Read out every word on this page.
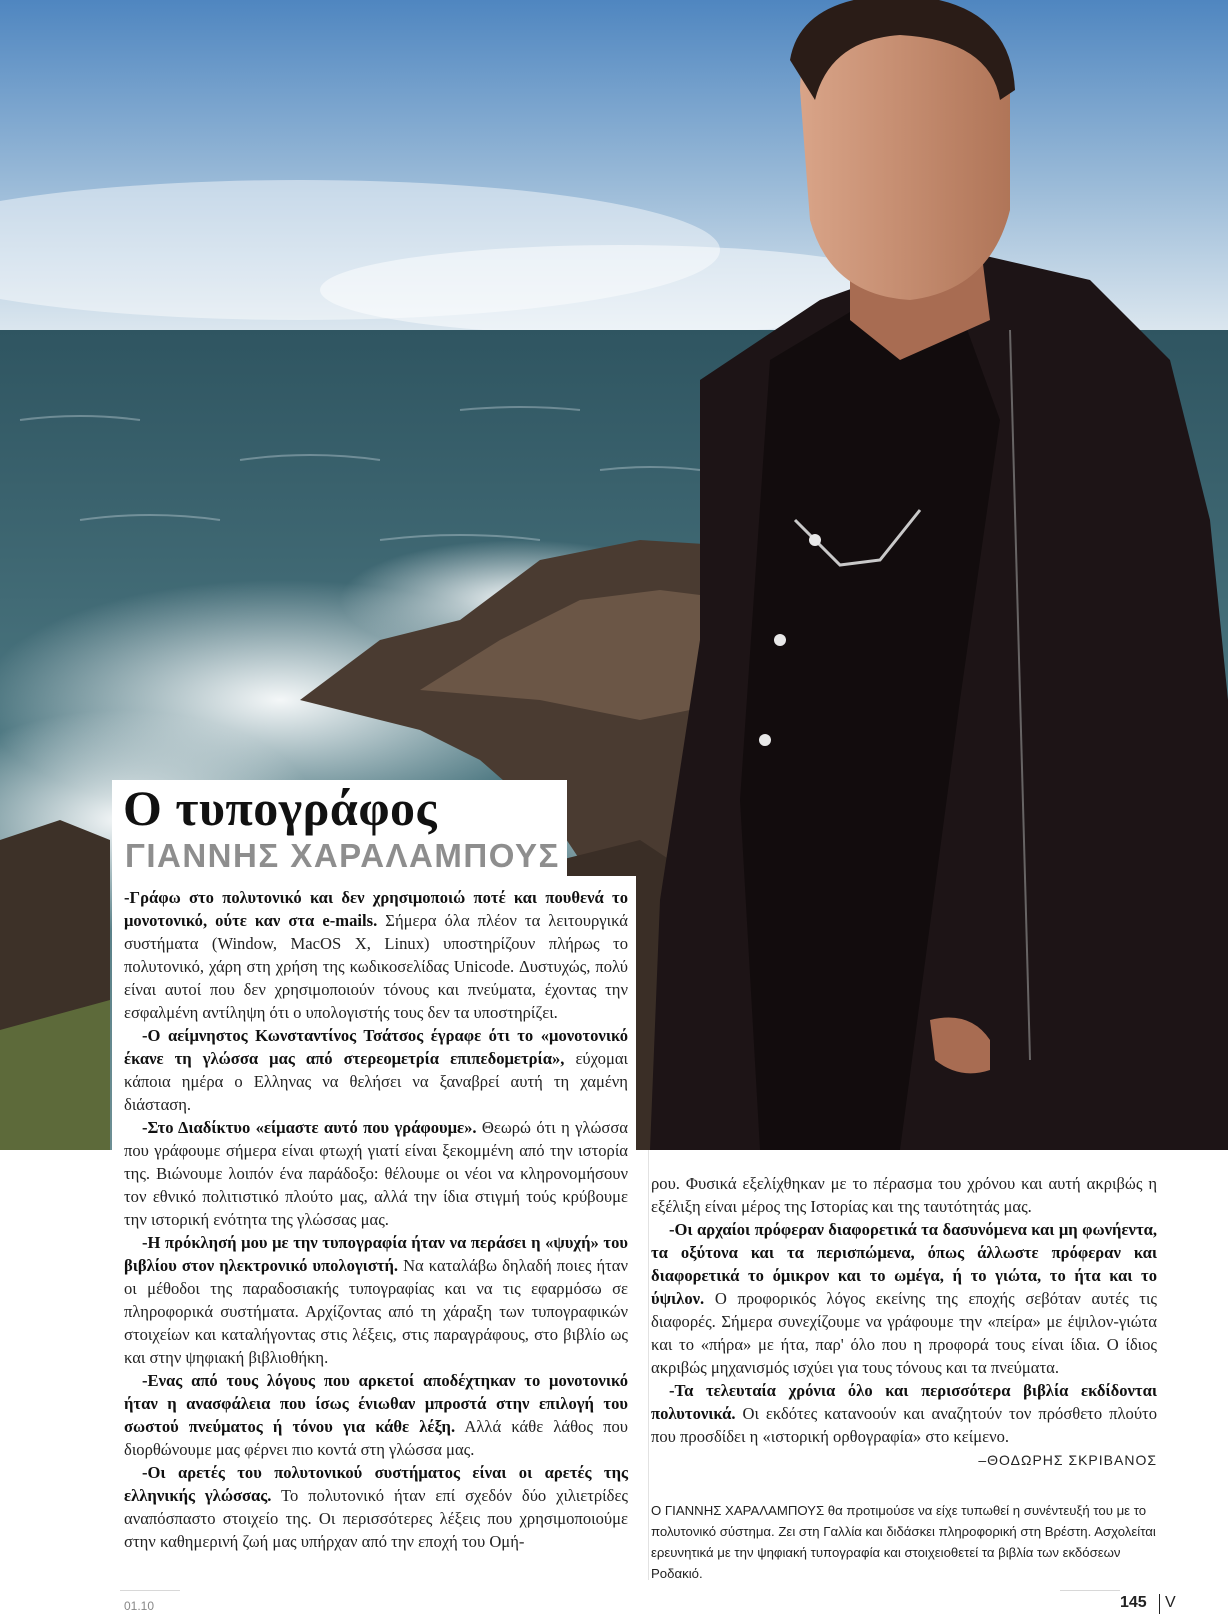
Ο τυπογράφος
ΓΙΑΝΝΗΣ ΧΑΡΑΛΑΜΠΟΥΣ

-Γράφω στο πολυτονικό και δεν χρησιμοποιώ ποτέ και πουθενά το μονοτονικό, ούτε καν στα e-mails. Σήμερα όλα πλέον τα λειτουργικά συστήματα (Window, MacOS X, Linux) υποστηρίζουν πλήρως το πολυτονικό, χάρη στη χρήση της κωδικοσελίδας Unicode. Δυστυχώς, πολύ είναι αυτοί που δεν χρησιμοποιούν τόνους και πνεύματα, έχοντας την εσφαλμένη αντίληψη ότι ο υπολογιστής τους δεν τα υποστηρίζει.

-Ο αείμνηστος Κωνσταντίνος Τσάτσος έγραφε ότι το «μονοτονικό έκανε τη γλώσσα μας από στερεομετρία επιπεδομετρία», εύχομαι κάποια ημέρα ο Ελληνας να θελήσει να ξαναβρεί αυτή τη χαμένη διάσταση.

-Στο Διαδίκτυο «είμαστε αυτό που γράφουμε». Θεωρώ ότι η γλώσσα που γράφουμε σήμερα είναι φτωχή γιατί είναι ξεκομμένη από την ιστορία της. Βιώνουμε λοιπόν ένα παράδοξο: θέλουμε οι νέοι να κληρονομήσουν τον εθνικό πολιτιστικό πλούτο μας, αλλά την ίδια στιγμή τούς κρύβουμε την ιστορική ενότητα της γλώσσας μας.

-Η πρόκλησή μου με την τυπογραφία ήταν να περάσει η «ψυχή» του βιβλίου στον ηλεκτρονικό υπολογιστή. Να καταλάβω δηλαδή ποιες ήταν οι μέθοδοι της παραδοσιακής τυπογραφίας και να τις εφαρμόσω σε πληροφορικά συστήματα. Αρχίζοντας από τη χάραξη των τυπογραφικών στοιχείων και καταλήγοντας στις λέξεις, στις παραγράφους, στο βιβλίο ως και στην ψηφιακή βιβλιοθήκη.

-Ενας από τους λόγους που αρκετοί αποδέχτηκαν το μονοτονικό ήταν η ανασφάλεια που ίσως ένιωθαν μπροστά στην επιλογή του σωστού πνεύματος ή τόνου για κάθε λέξη. Αλλά κάθε λάθος που διορθώνουμε μας φέρνει πιο κοντά στη γλώσσα μας.

-Οι αρετές του πολυτονικού συστήματος είναι οι αρετές της ελληνικής γλώσσας. Το πολυτονικό ήταν επί σχεδόν δύο χιλιετρίδες αναπόσπαστο στοιχείο της. Οι περισσότερες λέξεις που χρησιμοποιούμε στην καθημερινή ζωή μας υπήρχαν από την εποχή του Ομή-

ρου. Φυσικά εξελίχθηκαν με το πέρασμα του χρόνου και αυτή ακριβώς η εξέλιξη είναι μέρος της Ιστορίας και της ταυτότητάς μας.

-Οι αρχαίοι πρόφεραν διαφορετικά τα δασυνόμενα και μη φωνήεντα, τα οξύτονα και τα περισπώμενα, όπως άλλωστε πρόφεραν και διαφορετικά το όμικρον και το ωμέγα, ή το γιώτα, το ήτα και το ύψιλον. Ο προφορικός λόγος εκείνης της εποχής σεβόταν αυτές τις διαφορές. Σήμερα συνεχίζουμε να γράφουμε την «πείρα» με έψιλον-γιώτα και το «πήρα» με ήτα, παρ' όλο που η προφορά τους είναι ίδια. Ο ίδιος ακριβώς μηχανισμός ισχύει για τους τόνους και τα πνεύματα.

-Τα τελευταία χρόνια όλο και περισσότερα βιβλία εκδίδονται πολυτονικά. Οι εκδότες κατανοούν και αναζητούν τον πρόσθετο πλούτο που προσδίδει η «ιστορική ορθογραφία» στο κείμενο.

–ΘΟΔΩΡΗΣ ΣΚΡΙΒΑΝΟΣ
Ο ΓΙΑΝΝΗΣ ΧΑΡΑΛΑΜΠΟΥΣ θα προτιμούσε να είχε τυπωθεί η συνέντευξή του με το πολυτονικό σύστημα. Ζει στη Γαλλία και διδάσκει πληροφορική στη Βρέστη. Ασχολείται ερευνητικά με την ψηφιακή τυπογραφία και στοιχειοθετεί τα βιβλία των εκδόσεων Ροδακιό.
01.10	145 V
